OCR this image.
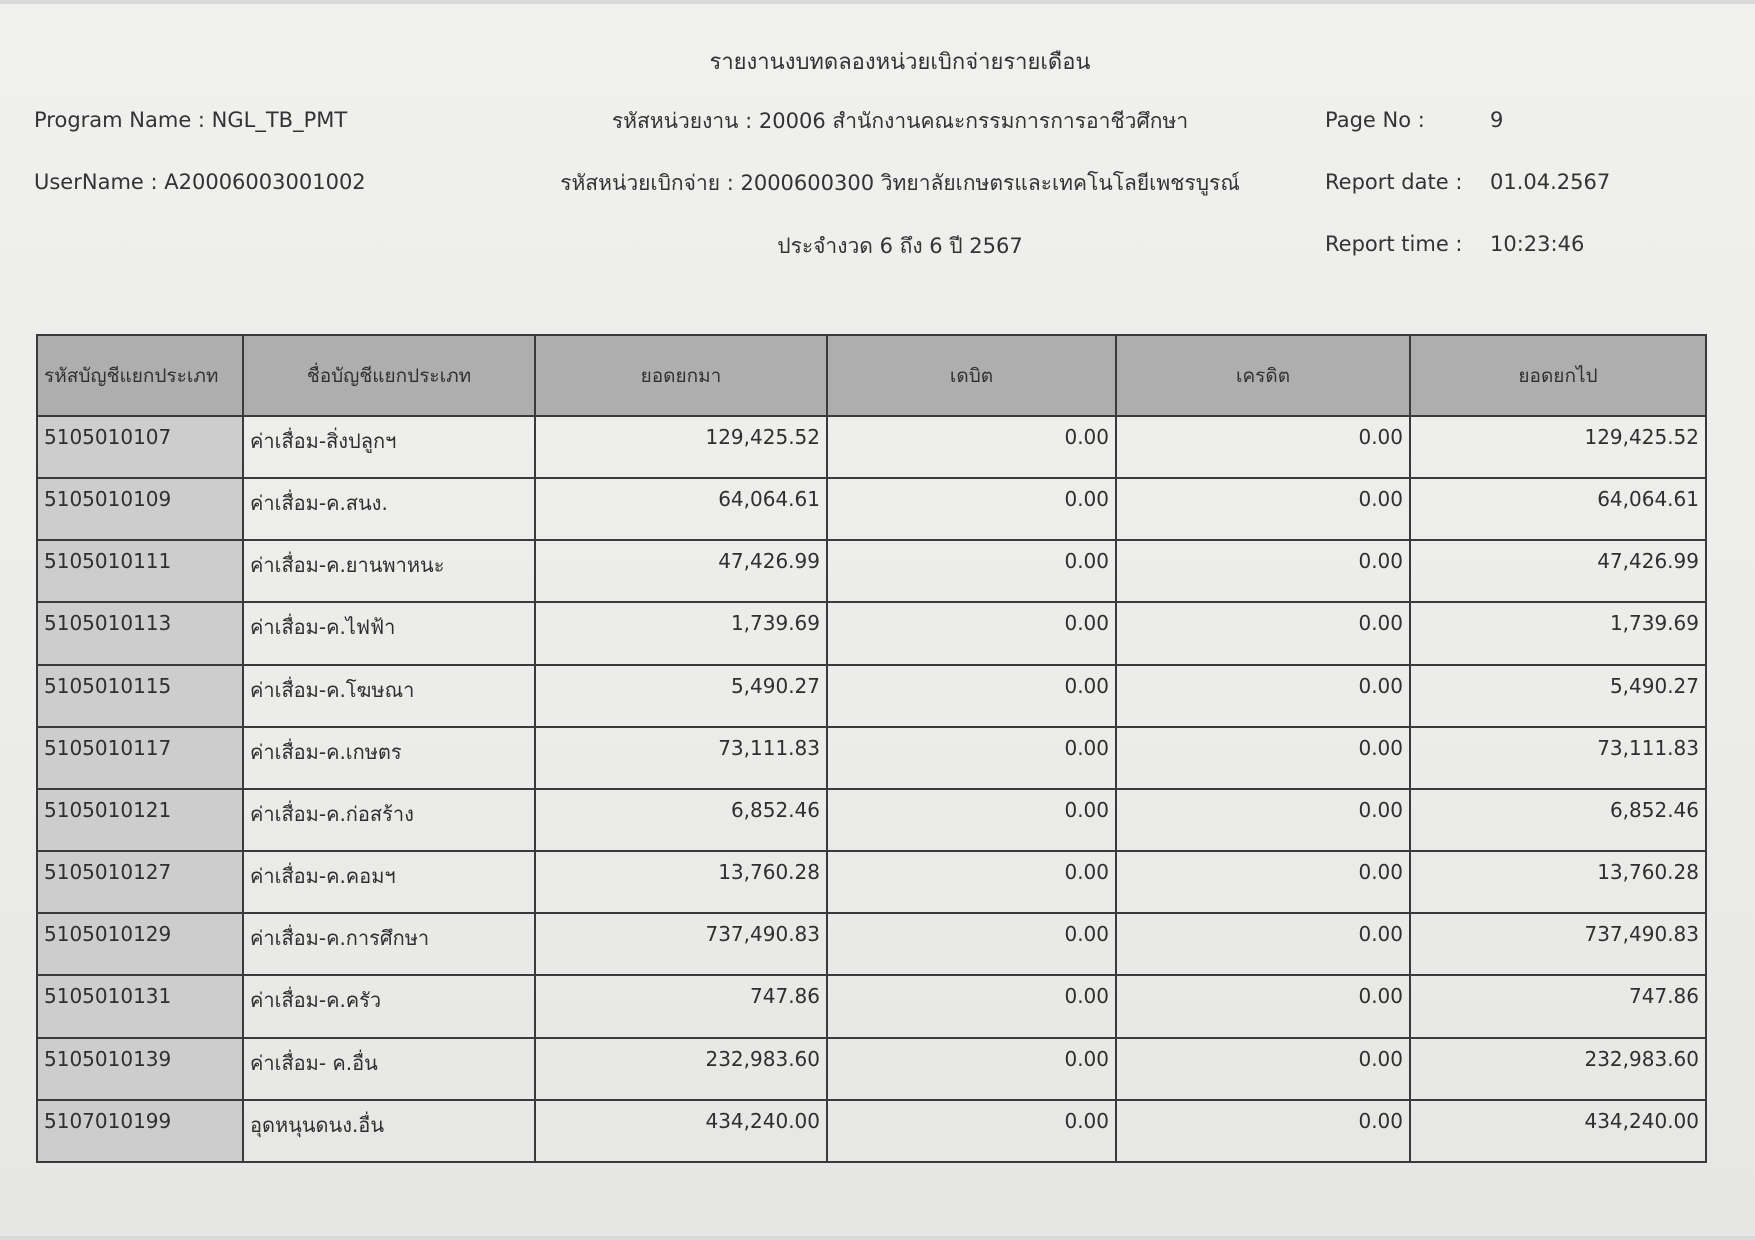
รายงานงบทดลองหน่วยเบิกจ่ายรายเดือน
Program Name : NGL_TB_PMT	รหัสหน่วยงาน : 20006 สำนักงานคณะกรรมการการอาชีวศึกษา	Page No :	9
UserName : A20006003001002	รหัสหน่วยเบิกจ่าย : 2000600300 วิทยาลัยเกษตรและเทคโนโลยีเพชรบูรณ์	Report date : 01.04.2567
ประจำงวด 6 ถึง 6 ปี 2567	Report time : 10:23:46
รหัสบัญชีแยกประเภท	ชื่อบัญชีแยกประเภท	ยอดยกมา	เดบิต	เครดิต	ยอดยกไป
5105010107	ค่าเสื่อม-สิ่งปลูกฯ	129,425.52	0.00	0.00	129,425.52
5105010109	ค่าเสื่อม-ค.สนง.	64,064.61	0.00	0.00	64,064.61
5105010111	ค่าเสื่อม-ค.ยานพาหนะ	47,426.99	0.00	0.00	47,426.99
5105010113	ค่าเสื่อม-ค.ไฟฟ้า	1,739.69	0.00	0.00	1,739.69
5105010115	ค่าเสื่อม-ค.โฆษณา	5,490.27	0.00	0.00	5,490.27
5105010117	ค่าเสื่อม-ค.เกษตร	73,111.83	0.00	0.00	73,111.83
5105010121	ค่าเสื่อม-ค.ก่อสร้าง	6,852.46	0.00	0.00	6,852.46
5105010127	ค่าเสื่อม-ค.คอมฯ	13,760.28	0.00	0.00	13,760.28
5105010129	ค่าเสื่อม-ค.การศึกษา	737,490.83	0.00	0.00	737,490.83
5105010131	ค่าเสื่อม-ค.ครัว	747.86	0.00	0.00	747.86
5105010139	ค่าเสื่อม- ค.อื่น	232,983.60	0.00	0.00	232,983.60
5107010199	อุดหนุนดนง.อื่น	434,240.00	0.00	0.00	434,240.00
